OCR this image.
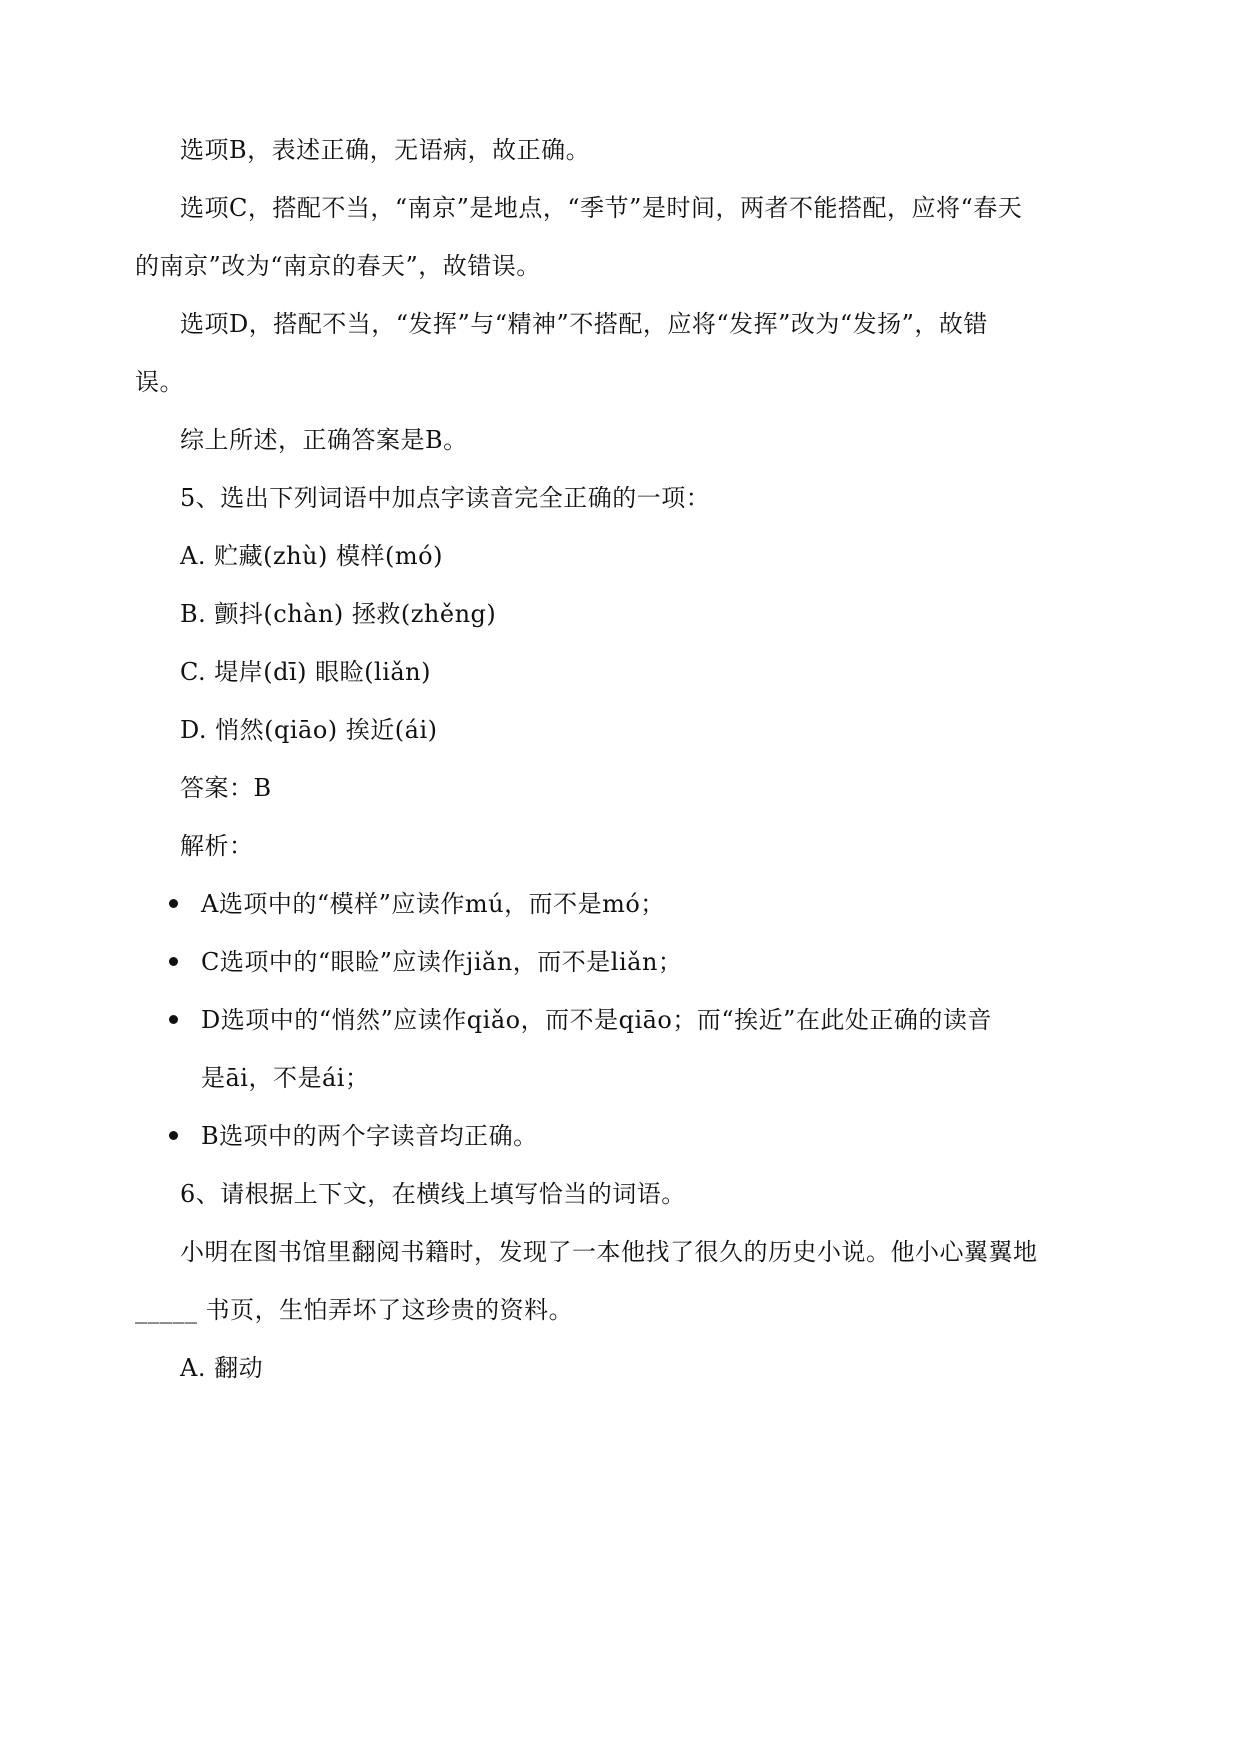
选项B，表述正确，无语病，故正确。
选项C，搭配不当，“南京”是地点，“季节”是时间，两者不能搭配，应将“春天
的南京”改为“南京的春天”，故错误。
选项D，搭配不当，“发挥”与“精神”不搭配，应将“发挥”改为“发扬”，故错
误。
综上所述，正确答案是B。
5、选出下列词语中加点字读音完全正确的一项：
A. 贮藏(zhù) 模样(mó)
B. 颤抖(chàn) 拯救(zhěng)
C. 堤岸(dī) 眼睑(liǎn)
D. 悄然(qiāo) 挨近(ái)
答案：B
解析：
A选项中的“模样”应读作mú，而不是mó；
C选项中的“眼睑”应读作jiǎn，而不是liǎn；
D选项中的“悄然”应读作qiǎo，而不是qiāo；而“挨近”在此处正确的读音
是āi，不是ái；
B选项中的两个字读音均正确。
6、请根据上下文，在横线上填写恰当的词语。
小明在图书馆里翻阅书籍时，发现了一本他找了很久的历史小说。他小心翼翼地
_____ 书页，生怕弄坏了这珍贵的资料。
A. 翻动
